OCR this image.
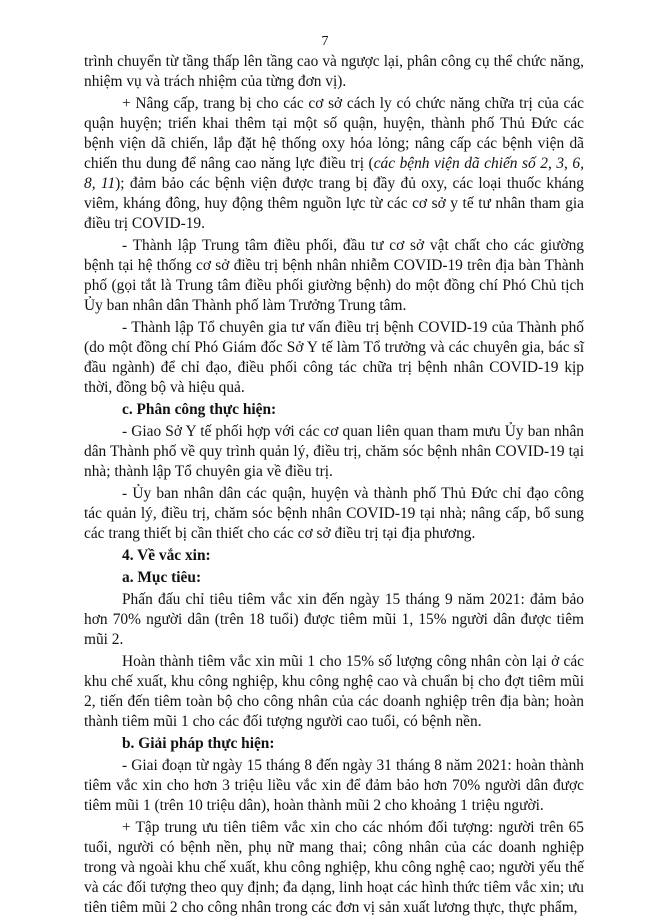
7

trình chuyển từ tầng thấp lên tầng cao và ngược lại, phân công cụ thể chức năng, nhiệm vụ và trách nhiệm của từng đơn vị).

+ Nâng cấp, trang bị cho các cơ sở cách ly có chức năng chữa trị của các quận huyện; triển khai thêm tại một số quận, huyện, thành phố Thủ Đức các bệnh viện dã chiến, lắp đặt hệ thống oxy hóa lỏng; nâng cấp các bệnh viện dã chiến thu dung để nâng cao năng lực điều trị (các bệnh viện dã chiến số 2, 3, 6, 8, 11); đảm bảo các bệnh viện được trang bị đầy đủ oxy, các loại thuốc kháng viêm, kháng đông, huy động thêm nguồn lực từ các cơ sở y tế tư nhân tham gia điều trị COVID-19.

- Thành lập Trung tâm điều phối, đầu tư cơ sở vật chất cho các giường bệnh tại hệ thống cơ sở điều trị bệnh nhân nhiễm COVID-19 trên địa bàn Thành phố (gọi tắt là Trung tâm điều phối giường bệnh) do một đồng chí Phó Chủ tịch Ủy ban nhân dân Thành phố làm Trưởng Trung tâm.

- Thành lập Tổ chuyên gia tư vấn điều trị bệnh COVID-19 của Thành phố (do một đồng chí Phó Giám đốc Sở Y tế làm Tổ trưởng và các chuyên gia, bác sĩ đầu ngành) để chỉ đạo, điều phối công tác chữa trị bệnh nhân COVID-19 kịp thời, đồng bộ và hiệu quả.

c. Phân công thực hiện:

- Giao Sở Y tế phối hợp với các cơ quan liên quan tham mưu Ủy ban nhân dân Thành phố về quy trình quản lý, điều trị, chăm sóc bệnh nhân COVID-19 tại nhà; thành lập Tổ chuyên gia về điều trị.

- Ủy ban nhân dân các quận, huyện và thành phố Thủ Đức chỉ đạo công tác quản lý, điều trị, chăm sóc bệnh nhân COVID-19 tại nhà; nâng cấp, bổ sung các trang thiết bị cần thiết cho các cơ sở điều trị tại địa phương.

4. Về vắc xin:

a. Mục tiêu:

Phấn đấu chỉ tiêu tiêm vắc xin đến ngày 15 tháng 9 năm 2021: đảm bảo hơn 70% người dân (trên 18 tuổi) được tiêm mũi 1, 15% người dân được tiêm mũi 2.

Hoàn thành tiêm vắc xin mũi 1 cho 15% số lượng công nhân còn lại ở các khu chế xuất, khu công nghiệp, khu công nghệ cao và chuẩn bị cho đợt tiêm mũi 2, tiến đến tiêm toàn bộ cho công nhân của các doanh nghiệp trên địa bàn; hoàn thành tiêm mũi 1 cho các đối tượng người cao tuổi, có bệnh nền.

b. Giải pháp thực hiện:

- Giai đoạn từ ngày 15 tháng 8 đến ngày 31 tháng 8 năm 2021: hoàn thành tiêm vắc xin cho hơn 3 triệu liều vắc xin để đảm bảo hơn 70% người dân được tiêm mũi 1 (trên 10 triệu dân), hoàn thành mũi 2 cho khoảng 1 triệu người.

+ Tập trung ưu tiên tiêm vắc xin cho các nhóm đối tượng: người trên 65 tuổi, người có bệnh nền, phụ nữ mang thai; công nhân của các doanh nghiệp trong và ngoài khu chế xuất, khu công nghiệp, khu công nghệ cao; người yếu thế và các đối tượng theo quy định; đa dạng, linh hoạt các hình thức tiêm vắc xin; ưu tiên tiêm mũi 2 cho công nhân trong các đơn vị sản xuất lương thực, thực phẩm,
